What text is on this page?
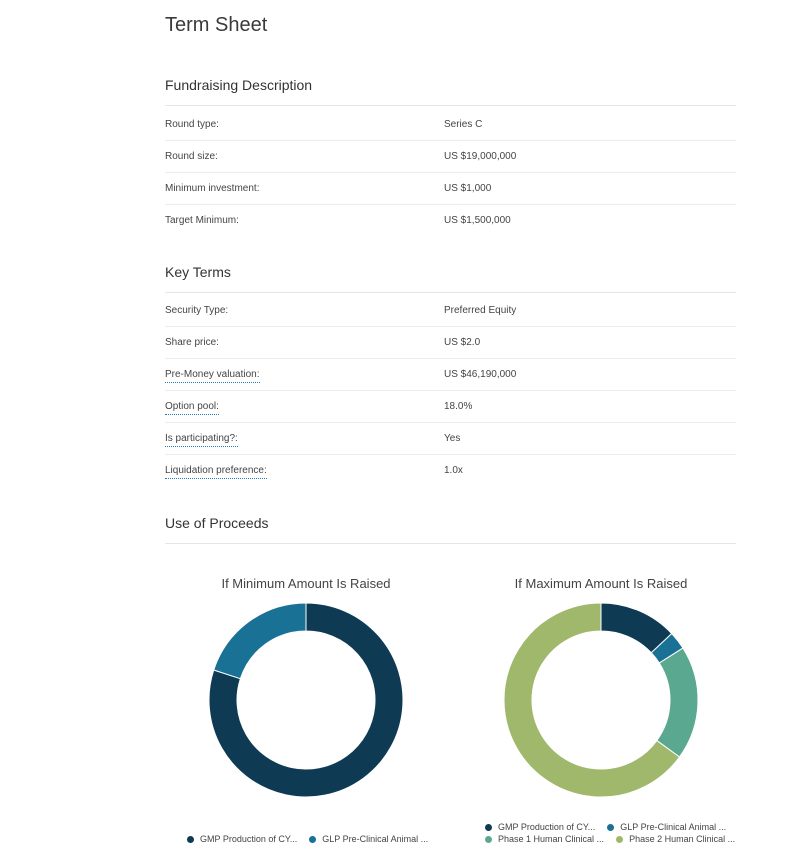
Term Sheet
Fundraising Description
Round type:	Series C
Round size:	US $19,000,000
Minimum investment:	US $1,000
Target Minimum:	US $1,500,000
Key Terms
Security Type:	Preferred Equity
Share price:	US $2.0
Pre-Money valuation:	US $46,190,000
Option pool:	18.0%
Is participating?:	Yes
Liquidation preference:	1.0x
Use of Proceeds
If Minimum Amount Is Raised	If Maximum Amount Is Raised
GMP Production of CY...	GLP Pre-Clinical Animal ...
GMP Production of CY...	GLP Pre-Clinical Animal ...
Phase 1 Human Clinical ...	Phase 2 Human Clinical ...
